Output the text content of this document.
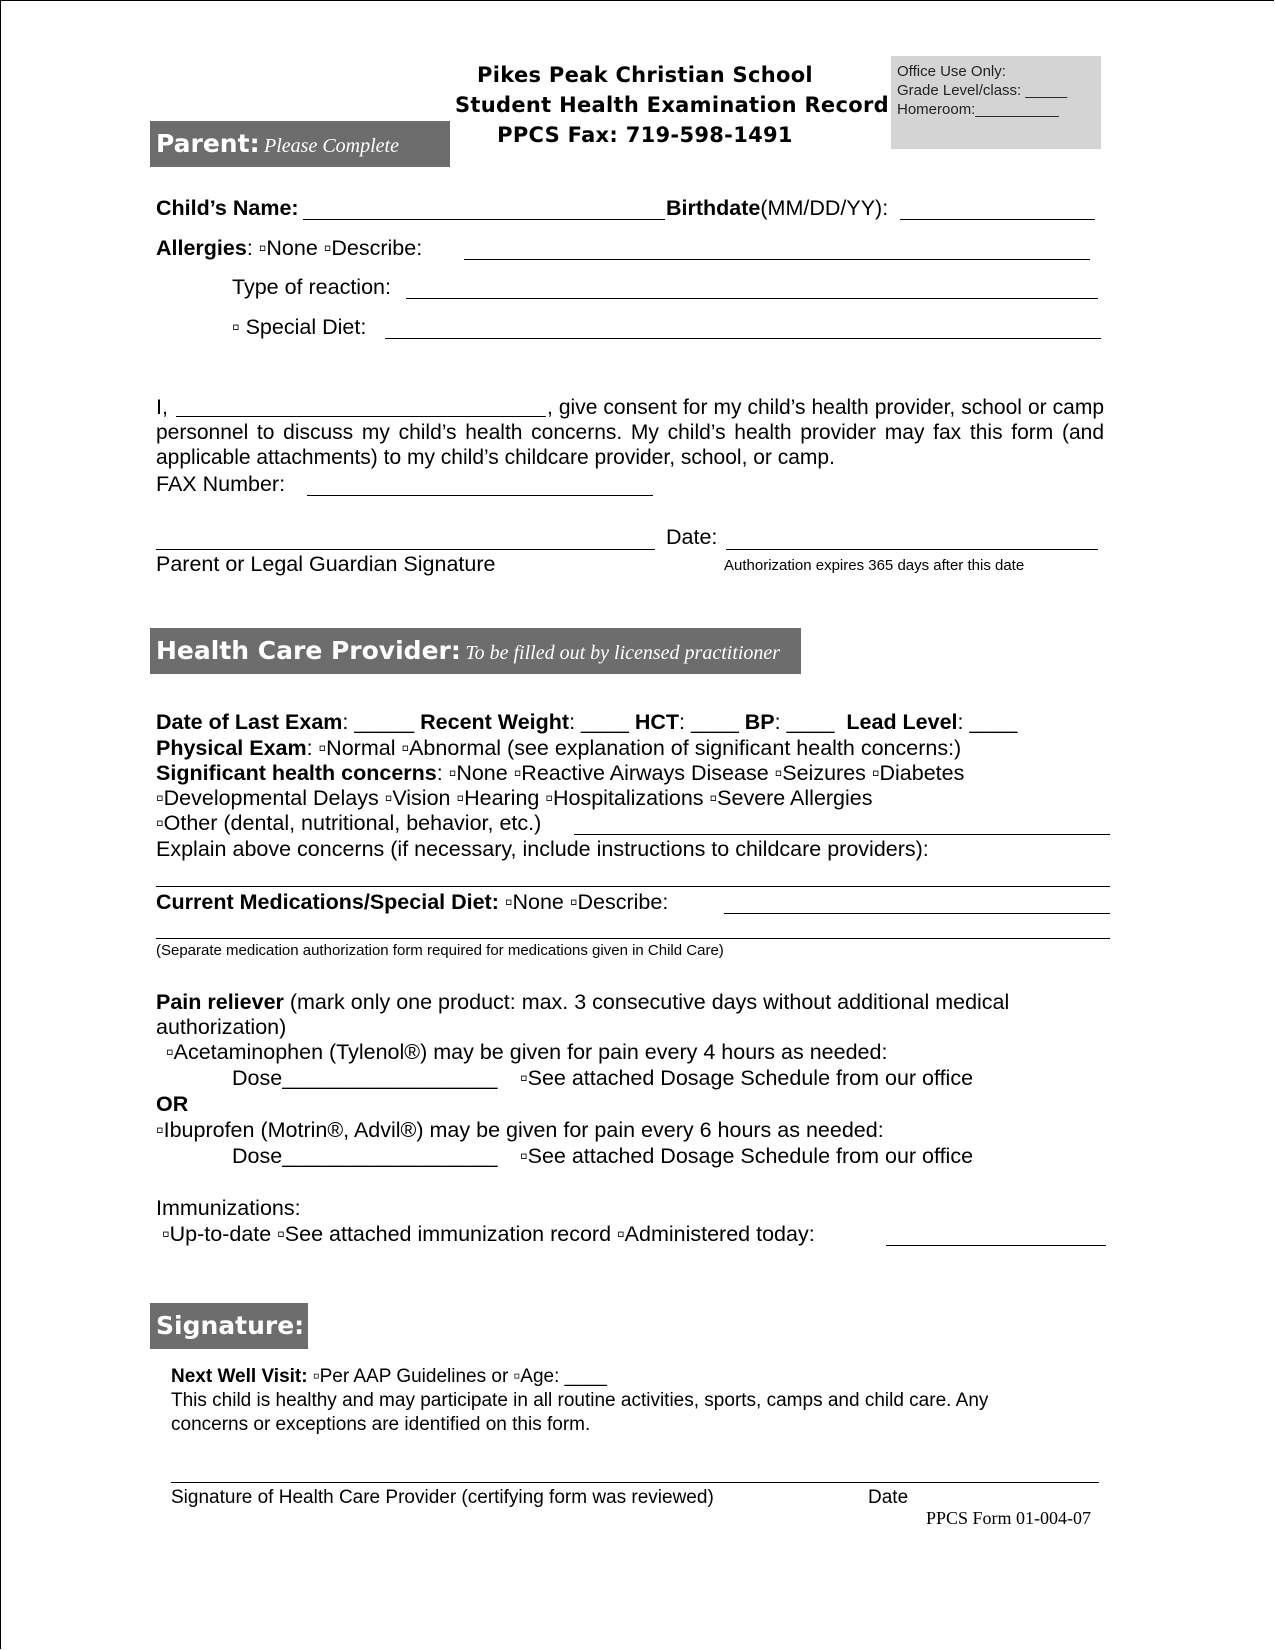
Pikes Peak Christian School
Student Health Examination Record
PPCS Fax: 719-598-1491
Office Use Only:
Grade Level/class: _____
Homeroom:__________
Parent: Please Complete
Child’s Name:	Birthdate(MM/DD/YY):
Allergies: ▫None ▫Describe:
Type of reaction:
▫ Special Diet:
I,	, give consent for my child’s health provider, school or camp personnel to discuss my child’s health concerns. My child’s health provider may fax this form (and applicable attachments) to my child’s childcare provider, school, or camp.
FAX Number:
Date:
Parent or Legal Guardian Signature	Authorization expires 365 days after this date
Health Care Provider: To be filled out by licensed practitioner
Date of Last Exam: _____ Recent Weight: ____ HCT: ____ BP: ____ Lead Level: ____
Physical Exam: ▫Normal ▫Abnormal (see explanation of significant health concerns:)
Significant health concerns: ▫None ▫Reactive Airways Disease ▫Seizures ▫Diabetes
▫Developmental Delays ▫Vision ▫Hearing ▫Hospitalizations ▫Severe Allergies
▫Other (dental, nutritional, behavior, etc.)
Explain above concerns (if necessary, include instructions to childcare providers):
Current Medications/Special Diet: ▫None ▫Describe:
(Separate medication authorization form required for medications given in Child Care)
Pain reliever (mark only one product: max. 3 consecutive days without additional medical
authorization)
▫Acetaminophen (Tylenol®) may be given for pain every 4 hours as needed:
Dose__________________ ▫See attached Dosage Schedule from our office
OR
▫Ibuprofen (Motrin®, Advil®) may be given for pain every 6 hours as needed:
Dose__________________ ▫See attached Dosage Schedule from our office
Immunizations:
▫Up-to-date ▫See attached immunization record ▫Administered today:
Signature:
Next Well Visit: ▫Per AAP Guidelines or ▫Age: ____
This child is healthy and may participate in all routine activities, sports, camps and child care. Any
concerns or exceptions are identified on this form.
Signature of Health Care Provider (certifying form was reviewed)	Date
PPCS Form 01-004-07
